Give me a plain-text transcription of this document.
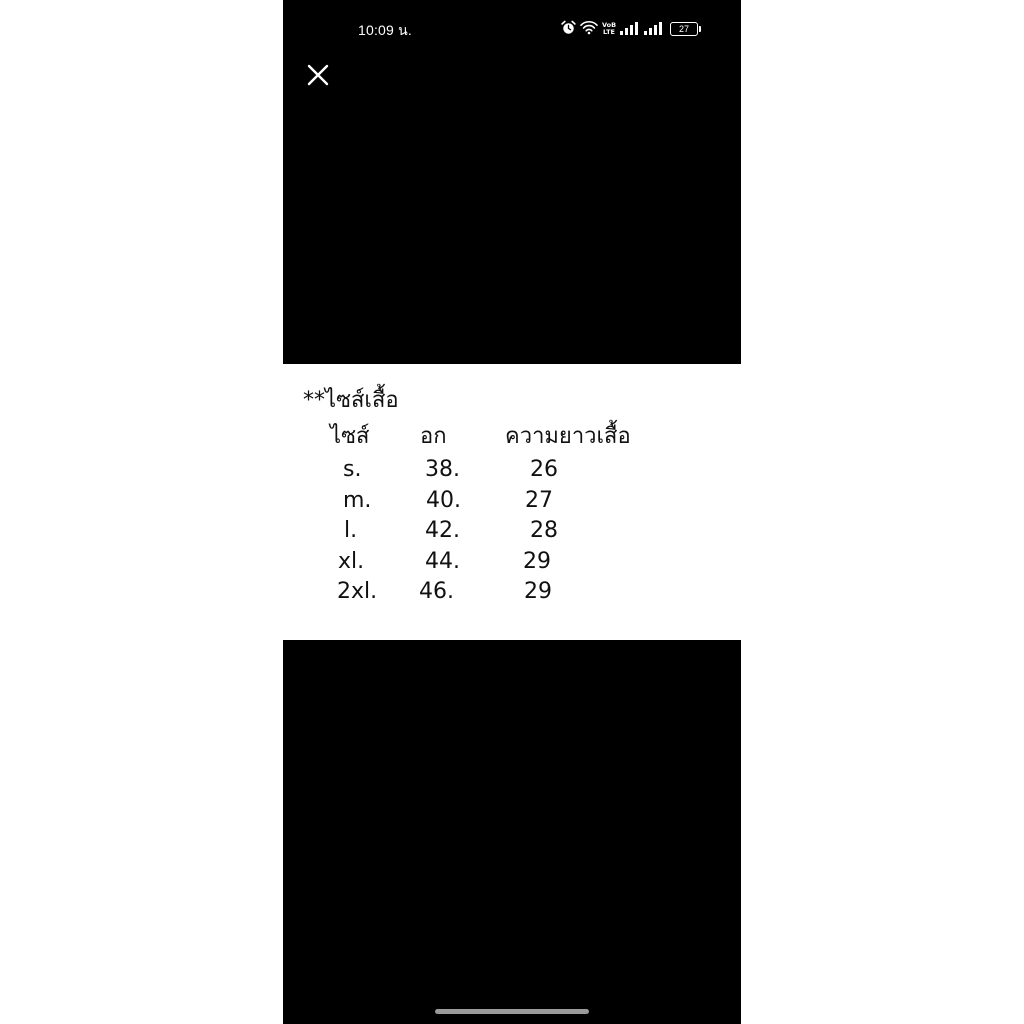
10:09 น.	VoB
LTE	27
**ไซส์เสื้อ
ไซส์ อก	ความยาวเสื้อ
s.	38.	26
m. 40.	27
l.	42.	28
xl.	44.	29
2xl. 46.	29
